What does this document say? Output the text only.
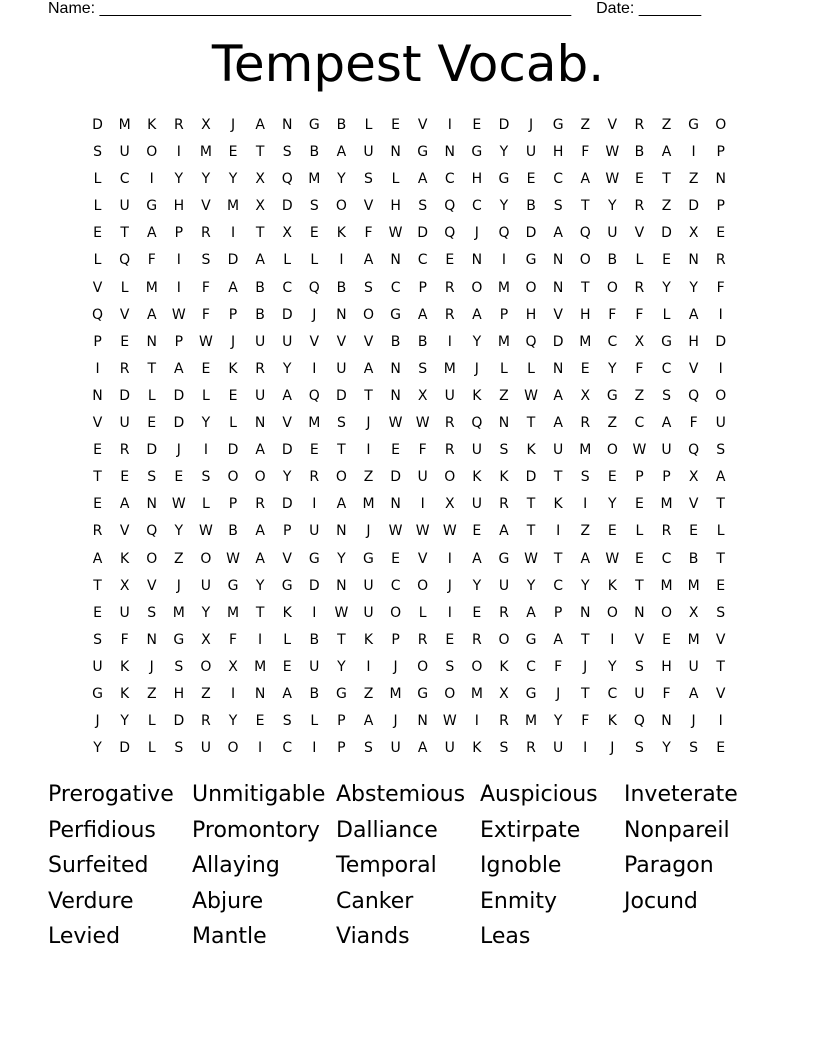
Name: _____________________________________________________ Date: _______
Tempest Vocab.
D	M	K	R	X	J	A	N	G	B	L	E	V	I	E	D	J	G	Z	V	R	Z	G	O
S	U	O	I	M	E	T	S	B	A	U	N	G	N	G	Y	U	H	F	W	B	A	I	P
L	C	I	Y	Y	Y	X	Q	M	Y	S	L	A	C	H	G	E	C	A	W	E	T	Z	N
L	U	G	H	V	M	X	D	S	O	V	H	S	Q	C	Y	B	S	T	Y	R	Z	D	P
E	T	A	P	R	I	T	X	E	K	F	W	D	Q	J	Q	D	A	Q	U	V	D	X	E
L	Q	F	I	S	D	A	L	L	I	A	N	C	E	N	I	G	N	O	B	L	E	N	R
V	L	M	I	F	A	B	C	Q	B	S	C	P	R	O	M	O	N	T	O	R	Y	Y	F
Q	V	A	W	F	P	B	D	J	N	O	G	A	R	A	P	H	V	H	F	F	L	A	I
P	E	N	P	W	J	U	U	V	V	V	B	B	I	Y	M	Q	D	M	C	X	G	H	D
I	R	T	A	E	K	R	Y	I	U	A	N	S	M	J	L	L	N	E	Y	F	C	V	I
N	D	L	D	L	E	U	A	Q	D	T	N	X	U	K	Z	W	A	X	G	Z	S	Q	O
V	U	E	D	Y	L	N	V	M	S	J	W W	R	Q	N	T	A	R	Z	C	A	F	U
E	R	D	J	I	D	A	D	E	T	I	E	F	R	U	S	K	U	M	O	W	U	Q	S
T	E	S	E	S	O	O	Y	R	O	Z	D	U	O	K	K	D	T	S	E	P	P	X	A
E	A	N	W	L	P	R	D	I	A	M	N	I	X	U	R	T	K	I	Y	E	M	V	T
R	V	Q	Y	W	B	A	P	U	N	J	W W W	E	A	T	I	Z	E	L	R	E	L
A	K	O	Z	O	W	A	V	G	Y	G	E	V	I	A	G	W	T	A	W	E	C	B	T
T	X	V	J	U	G	Y	G	D	N	U	C	O	J	Y	U	Y	C	Y	K	T	M	M	E
E	U	S	M	Y	M	T	K	I	W	U	O	L	I	E	R	A	P	N	O	N	O	X	S
S	F	N	G	X	F	I	L	B	T	K	P	R	E	R	O	G	A	T	I	V	E	M	V
U	K	J	S	O	X	M	E	U	Y	I	J	O	S	O	K	C	F	J	Y	S	H	U	T
G	K	Z	H	Z	I	N	A	B	G	Z	M	G	O	M	X	G	J	T	C	U	F	A	V
J	Y	L	D	R	Y	E	S	L	P	A	J	N	W	I	R	M	Y	F	K	Q	N	J	I
Y	D	L	S	U	O	I	C	I	P	S	U	A	U	K	S	R	U	I	J	S	Y	S	E
Prerogative Unmitigable Abstemious Auspicious	Inveterate
Perfidious	Promontory Dalliance	Extirpate	Nonpareil
Surfeited	Allaying	Temporal	Ignoble	Paragon
Verdure	Abjure	Canker	Enmity	Jocund
Levied	Mantle	Viands	Leas
